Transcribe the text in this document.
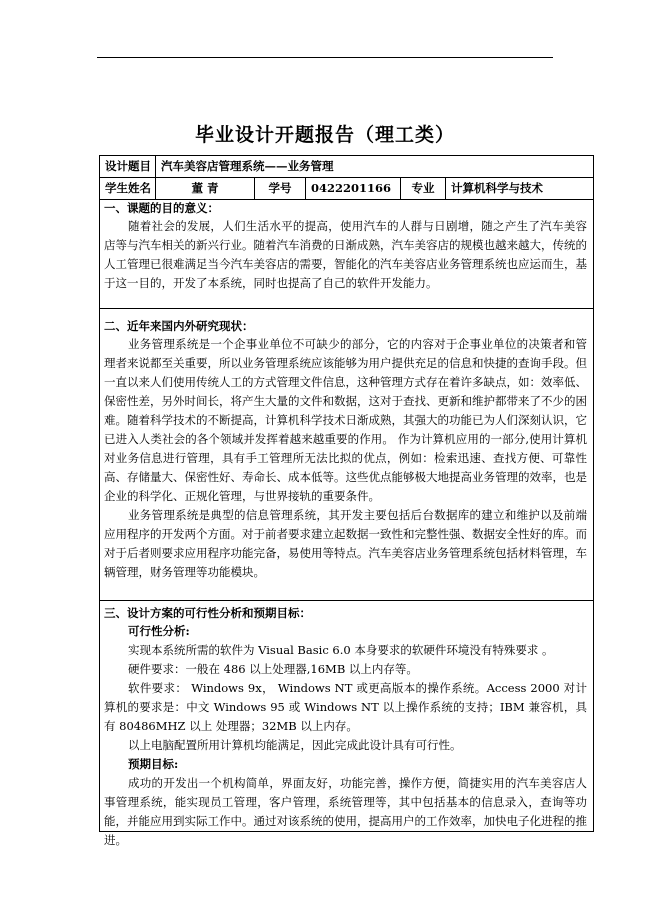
毕业设计开题报告（理工类）
设计题目 汽车美容店管理系统——业务管理
学生姓名	董 青	学号	0422201166	专业	计算机科学与技术
一、课题的目的意义：

随着社会的发展，人们生活水平的提高，使用汽车的人群与日剧增，随之产生了汽车美容店等与汽车相关的新兴行业。随着汽车消费的日渐成熟，汽车美容店的规模也越来越大，传统的人工管理已很难满足当今汽车美容店的需要，智能化的汽车美容店业务管理系统也应运而生，基于这一目的，开发了本系统，同时也提高了自己的软件开发能力。

二、近年来国内外研究现状：

业务管理系统是一个企事业单位不可缺少的部分，它的内容对于企事业单位的决策者和管理者来说都至关重要，所以业务管理系统应该能够为用户提供充足的信息和快捷的查询手段。但一直以来人们使用传统人工的方式管理文件信息，这种管理方式存在着许多缺点，如：效率低、保密性差，另外时间长，将产生大量的文件和数据，这对于查找、更新和维护都带来了不少的困难。随着科学技术的不断提高，计算机科学技术日渐成熟，其强大的功能已为人们深刻认识，它已进入人类社会的各个领域并发挥着越来越重要的作用。 作为计算机应用的一部分,使用计算机对业务信息进行管理，具有手工管理所无法比拟的优点，例如：检索迅速、查找方便、可靠性高、存储量大、保密性好、寿命长、成本低等。这些优点能够极大地提高业务管理的效率，也是企业的科学化、正规化管理，与世界接轨的重要条件。

业务管理系统是典型的信息管理系统，其开发主要包括后台数据库的建立和维护以及前端应用程序的开发两个方面。对于前者要求建立起数据一致性和完整性强、数据安全性好的库。而对于后者则要求应用程序功能完备，易使用等特点。汽车美容店业务管理系统包括材料管理，车辆管理，财务管理等功能模块。

三、设计方案的可行性分析和预期目标：
可行性分析:

实现本系统所需的软件为 Visual Basic 6.0 本身要求的软硬件环境没有特殊要求 。

硬件要求：一般在 486 以上处理器,16MB 以上内存等。

软件要求： Windows 9x， Windows NT 或更高版本的操作系统。Access 2000 对计算机的要求是：中文 Windows 95 或 Windows NT 以上操作系统的支持；IBM 兼容机，具有 80486MHZ 以上 处理器；32MB 以上内存。

以上电脑配置所用计算机均能满足，因此完成此设计具有可行性。

预期目标:

成功的开发出一个机构简单，界面友好，功能完善，操作方便，简捷实用的汽车美容店人事管理系统，能实现员工管理，客户管理，系统管理等，其中包括基本的信息录入，查询等功能，并能应用到实际工作中。通过对该系统的使用，提高用户的工作效率，加快电子化进程的推进。
